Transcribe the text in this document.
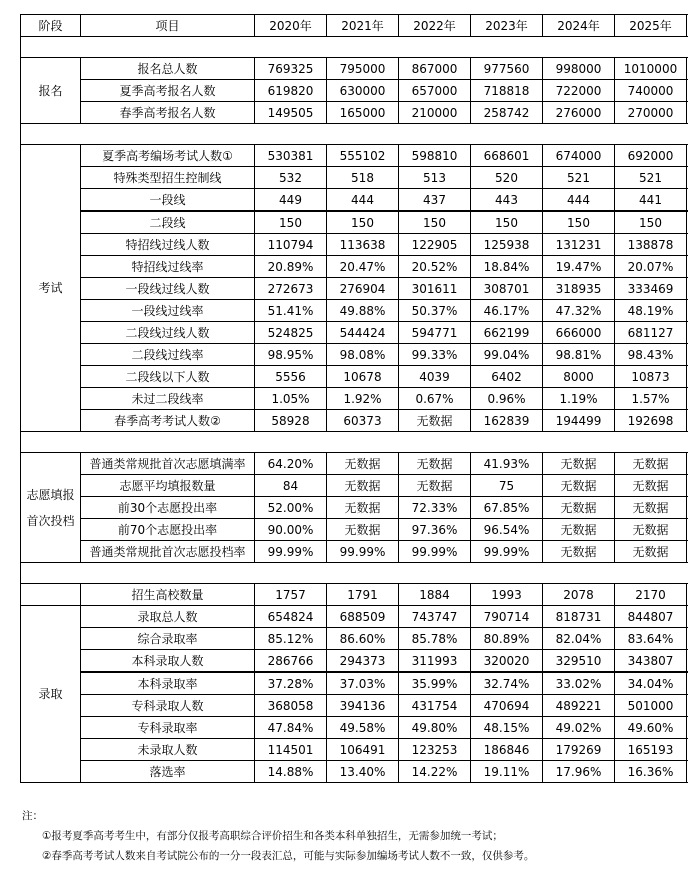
阶段	项目	2020年	2021年	2022年	2023年	2024年	2025年	

报名	报名总人数	769325	795000	867000	977560	998000	1010000	
	夏季高考报名人数	619820	630000	657000	718818	722000	740000	
	春季高考报名人数	149505	165000	210000	258742	276000	270000	

考试	夏季高考编场考试人数①	530381	555102	598810	668601	674000	692000	
	特殊类型招生控制线	532	518	513	520	521	521	
	一段线	449	444	437	443	444	441	
	二段线	150	150	150	150	150	150	
	特招线过线人数	110794	113638	122905	125938	131231	138878	
	特招线过线率	20.89%	20.47%	20.52%	18.84%	19.47%	20.07%	
	一段线过线人数	272673	276904	301611	308701	318935	333469	
	一段线过线率	51.41%	49.88%	50.37%	46.17%	47.32%	48.19%	
	二段线过线人数	524825	544424	594771	662199	666000	681127	
	二段线过线率	98.95%	98.08%	99.33%	99.04%	98.81%	98.43%	
	二段线以下人数	5556	10678	4039	6402	8000	10873	
	未过二段线率	1.05%	1.92%	0.67%	0.96%	1.19%	1.57%	
	春季高考考试人数②	58928	60373	无数据	162839	194499	192698	

志愿填报
首次投档	普通类常规批首次志愿填满率	64.20%	无数据	无数据	41.93%	无数据	无数据	
	志愿平均填报数量	84	无数据	无数据	75	无数据	无数据	
	前30个志愿投出率	52.00%	无数据	72.33%	67.85%	无数据	无数据	
	前70个志愿投出率	90.00%	无数据	97.36%	96.54%	无数据	无数据	
	普通类常规批首次志愿投档率	99.99%	99.99%	99.99%	99.99%	无数据	无数据	

	招生高校数量	1757	1791	1884	1993	2078	2170	
录取	录取总人数	654824	688509	743747	790714	818731	844807	
	综合录取率	85.12%	86.60%	85.78%	80.89%	82.04%	83.64%	
	本科录取人数	286766	294373	311993	320020	329510	343807	
	本科录取率	37.28%	37.03%	35.99%	32.74%	33.02%	34.04%	
	专科录取人数	368058	394136	431754	470694	489221	501000	
	专科录取率	47.84%	49.58%	49.80%	48.15%	49.02%	49.60%	
	未录取人数	114501	106491	123253	186846	179269	165193	
	落选率	14.88%	13.40%	14.22%	19.11%	17.96%	16.36%	
注：
①报考夏季高考考生中，有部分仅报考高职综合评价招生和各类本科单独招生，无需参加统一考试；
②春季高考考试人数来自考试院公布的一分一段表汇总，可能与实际参加编场考试人数不一致，仅供参考。
